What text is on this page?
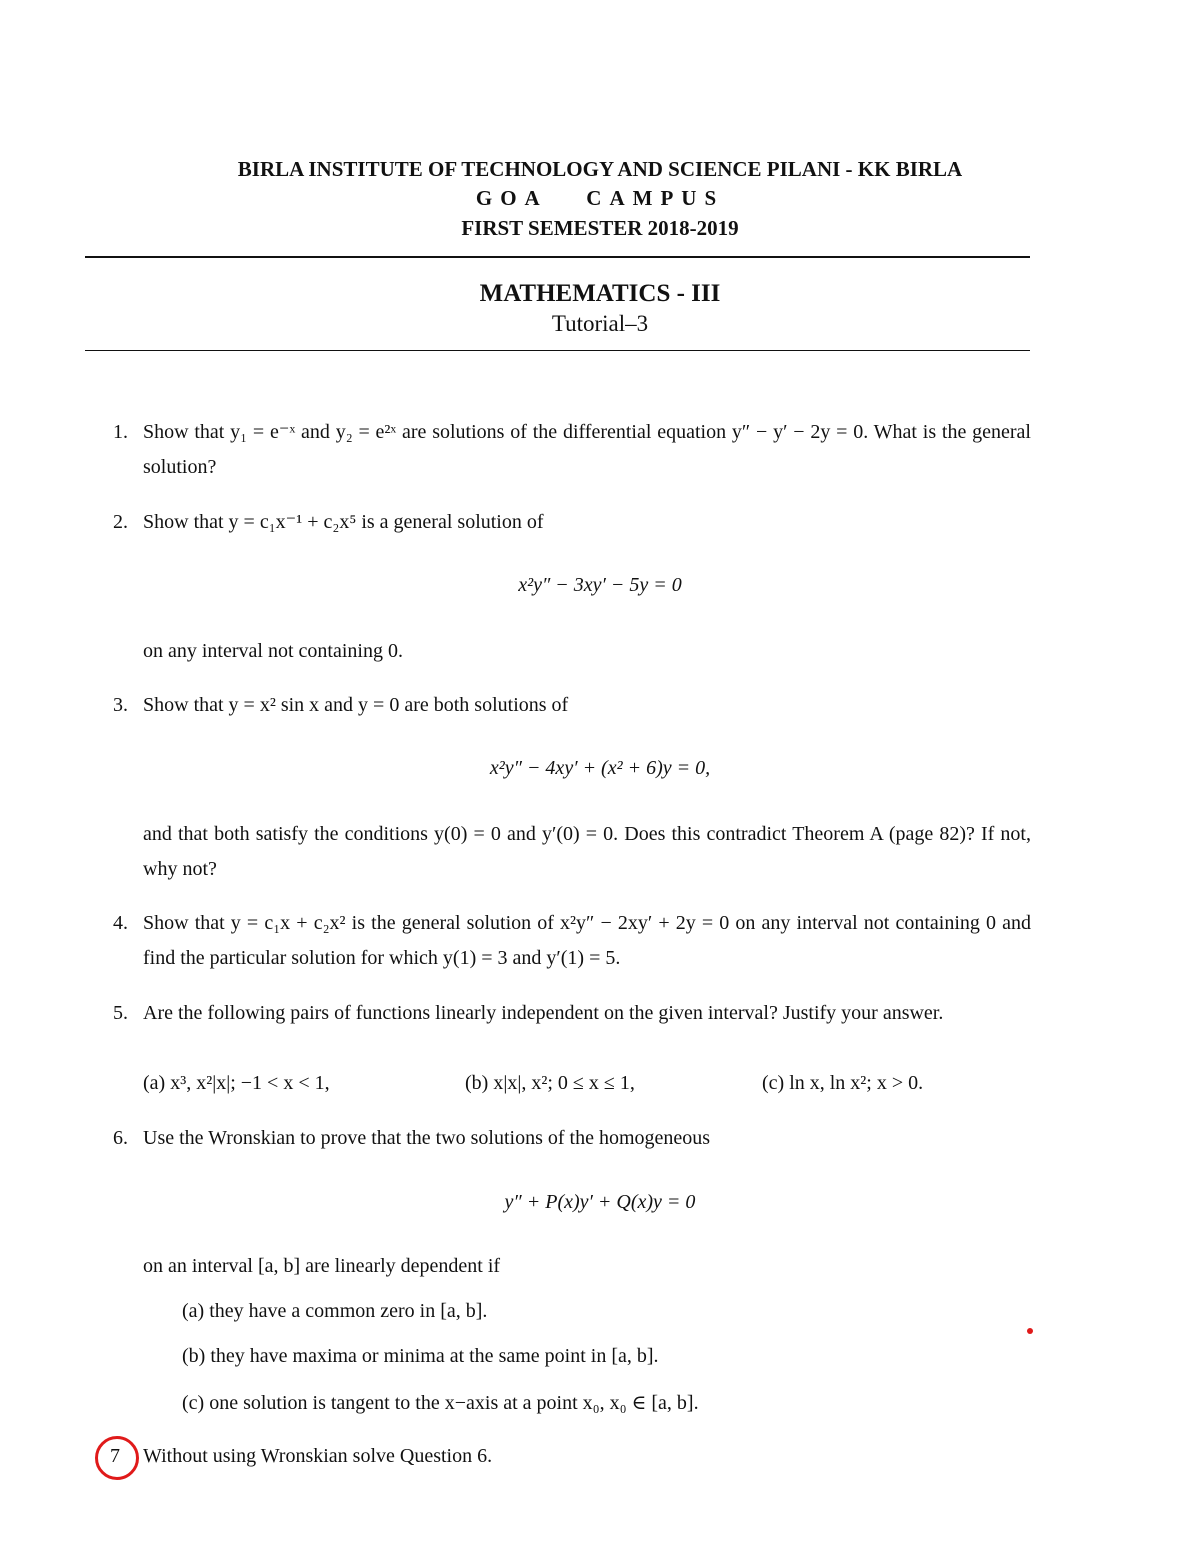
BIRLA INSTITUTE OF TECHNOLOGY AND SCIENCE PILANI - KK BIRLA
GOA   CAMPUS
FIRST SEMESTER 2018-2019
MATHEMATICS - III
Tutorial–3
1. Show that y₁ = e⁻ˣ and y₂ = e²ˣ are solutions of the differential equation y″ − y′ − 2y = 0. What is the general solution?
2. Show that y = c₁x⁻¹ + c₂x⁵ is a general solution of
x²y″ − 3xy′ − 5y = 0
on any interval not containing 0.
3. Show that y = x² sin x and y = 0 are both solutions of
x²y″ − 4xy′ + (x² + 6)y = 0,
and that both satisfy the conditions y(0) = 0 and y′(0) = 0. Does this contradict Theorem A (page 82)? If not, why not?
4. Show that y = c₁x + c₂x² is the general solution of x²y″ − 2xy′ + 2y = 0 on any interval not containing 0 and find the particular solution for which y(1) = 3 and y′(1) = 5.
5. Are the following pairs of functions linearly independent on the given interval? Justify your answer.
(a) x³, x²|x|; −1 < x < 1,	(b) x|x|, x²; 0 ≤ x ≤ 1,	(c) ln x, ln x²; x > 0.
6. Use the Wronskian to prove that the two solutions of the homogeneous
y″ + P(x)y′ + Q(x)y = 0
on an interval [a, b] are linearly dependent if
(a) they have a common zero in [a, b].
(b) they have maxima or minima at the same point in [a, b].
(c) one solution is tangent to the x−axis at a point x₀, x₀ ∈ [a, b].
7 Without using Wronskian solve Question 6.
